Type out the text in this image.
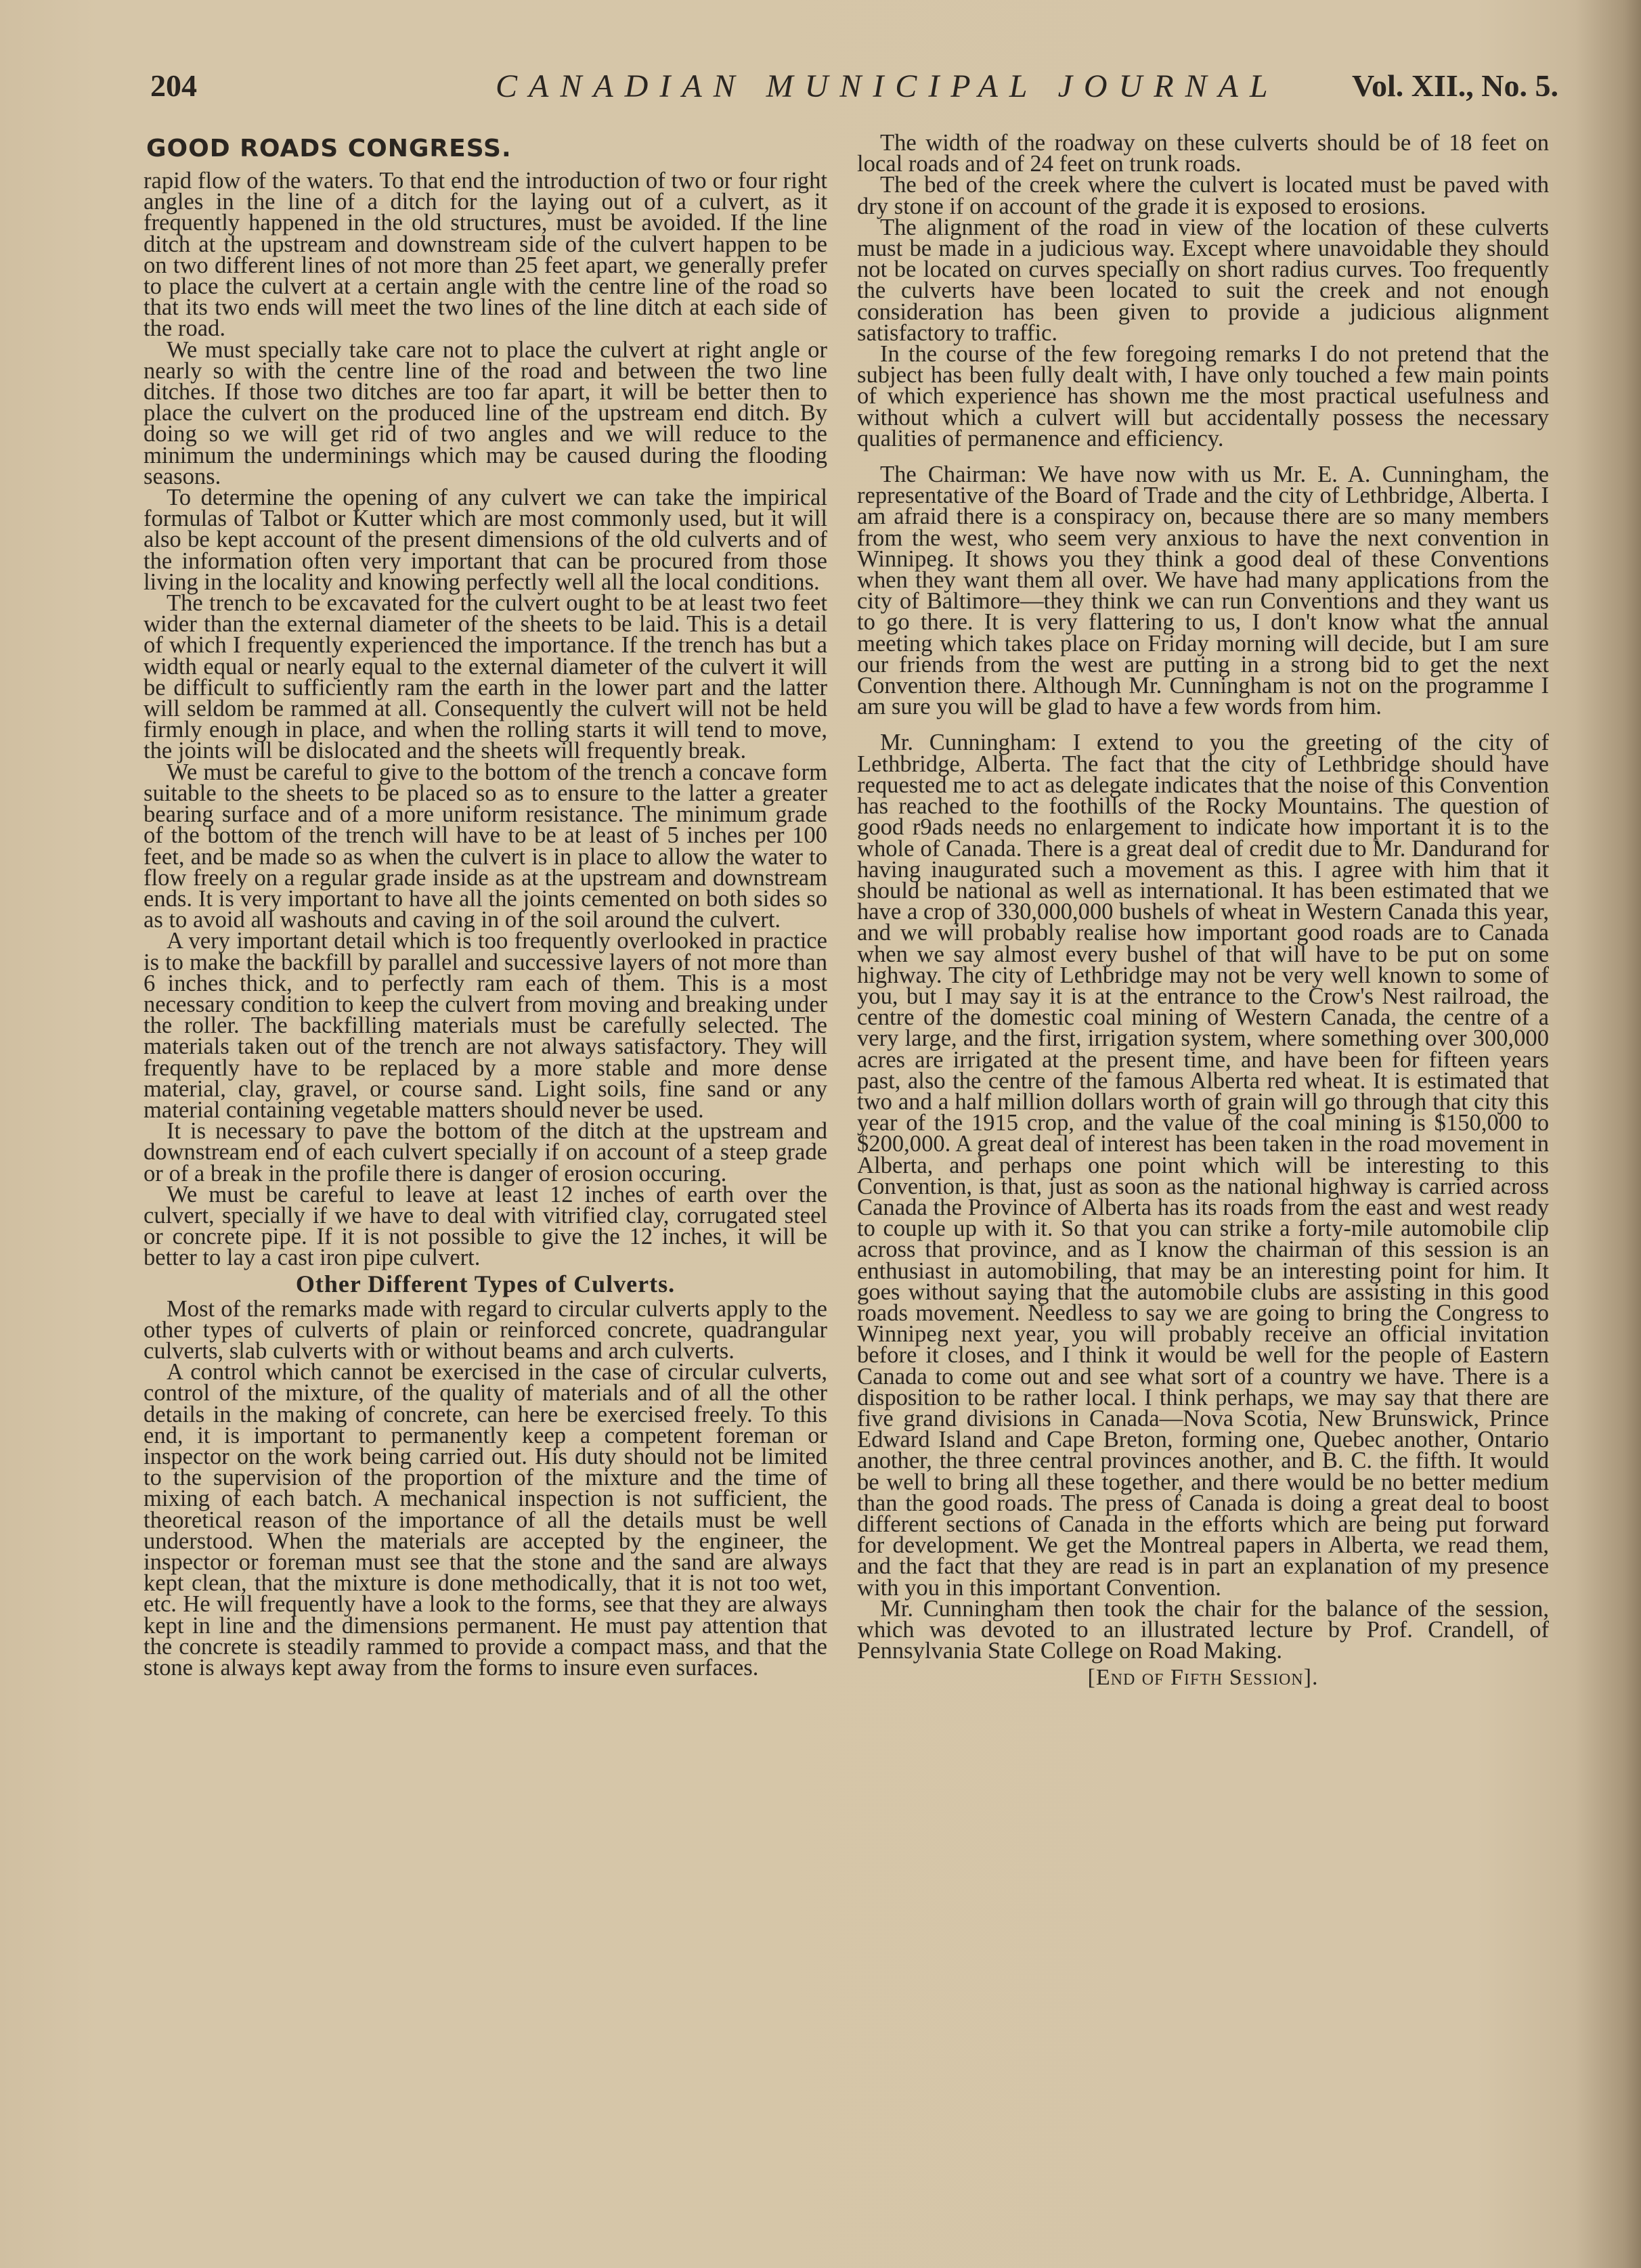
204	CANADIAN MUNICIPAL JOURNAL Vol. XII., No. 5.
GOOD ROADS CONGRESS.

rapid flow of the waters. To that end the introduction of two or four right angles in the line of a ditch for the laying out of a culvert, as it frequently happened in the old structures, must be avoided. If the line ditch at the upstream and downstream side of the culvert happen to be on two different lines of not more than 25 feet apart, we generally prefer to place the culvert at a certain angle with the centre line of the road so that its two ends will meet the two lines of the line ditch at each side of the road.

We must specially take care not to place the culvert at right angle or nearly so with the centre line of the road and between the two line ditches. If those two ditches are too far apart, it will be better then to place the culvert on the produced line of the upstream end ditch. By doing so we will get rid of two angles and we will reduce to the minimum the underminings which may be caused during the flooding seasons.

To determine the opening of any culvert we can take the impirical formulas of Talbot or Kutter which are most commonly used, but it will also be kept account of the present dimensions of the old culverts and of the information often very important that can be procured from those living in the locality and knowing perfectly well all the local conditions.

The trench to be excavated for the culvert ought to be at least two feet wider than the external diameter of the sheets to be laid. This is a detail of which I frequently experienced the importance. If the trench has but a width equal or nearly equal to the external diameter of the culvert it will be difficult to sufficiently ram the earth in the lower part and the latter will seldom be rammed at all. Consequently the culvert will not be held firmly enough in place, and when the rolling starts it will tend to move, the joints will be dislocated and the sheets will frequently break.

We must be careful to give to the bottom of the trench a concave form suitable to the sheets to be placed so as to ensure to the latter a greater bearing surface and of a more uniform resistance. The minimum grade of the bottom of the trench will have to be at least of 5 inches per 100 feet, and be made so as when the culvert is in place to allow the water to flow freely on a regular grade inside as at the upstream and downstream ends. It is very important to have all the joints cemented on both sides so as to avoid all washouts and caving in of the soil around the culvert.

A very important detail which is too frequently overlooked in practice is to make the backfill by parallel and successive layers of not more than 6 inches thick, and to perfectly ram each of them. This is a most necessary condition to keep the culvert from moving and breaking under the roller. The backfilling materials must be carefully selected. The materials taken out of the trench are not always satisfactory. They will frequently have to be replaced by a more stable and more dense material, clay, gravel, or course sand. Light soils, fine sand or any material containing vegetable matters should never be used.

It is necessary to pave the bottom of the ditch at the upstream and downstream end of each culvert specially if on account of a steep grade or of a break in the profile there is danger of erosion occuring.

We must be careful to leave at least 12 inches of earth over the culvert, specially if we have to deal with vitrified clay, corrugated steel or concrete pipe. If it is not possible to give the 12 inches, it will be better to lay a cast iron pipe culvert.

Other Different Types of Culverts.

Most of the remarks made with regard to circular culverts apply to the other types of culverts of plain or reinforced concrete, quadrangular culverts, slab culverts with or without beams and arch culverts.

A control which cannot be exercised in the case of circular culverts, control of the mixture, of the quality of materials and of all the other details in the making of concrete, can here be exercised freely. To this end, it is important to permanently keep a competent foreman or inspector on the work being carried out. His duty should not be limited to the supervision of the proportion of the mixture and the time of mixing of each batch. A mechanical inspection is not sufficient, the theoretical reason of the importance of all the details must be well understood. When the materials are accepted by the engineer, the inspector or foreman must see that the stone and the sand are always kept clean, that the mixture is done methodically, that it is not too wet, etc. He will frequently have a look to the forms, see that they are always kept in line and the dimensions permanent. He must pay attention that the concrete is steadily rammed to provide a compact mass, and that the stone is always kept away from the forms to insure even surfaces.

The width of the roadway on these culverts should be of 18 feet on local roads and of 24 feet on trunk roads.

The bed of the creek where the culvert is located must be paved with dry stone if on account of the grade it is exposed to erosions.

The alignment of the road in view of the location of these culverts must be made in a judicious way. Except where unavoidable they should not be located on curves specially on short radius curves. Too frequently the culverts have been located to suit the creek and not enough consideration has been given to provide a judicious alignment satisfactory to traffic.

In the course of the few foregoing remarks I do not pretend that the subject has been fully dealt with, I have only touched a few main points of which experience has shown me the most practical usefulness and without which a culvert will but accidentally possess the necessary qualities of permanence and efficiency.

The Chairman: We have now with us Mr. E. A. Cunningham, the representative of the Board of Trade and the city of Lethbridge, Alberta. I am afraid there is a conspiracy on, because there are so many members from the west, who seem very anxious to have the next convention in Winnipeg. It shows you they think a good deal of these Conventions when they want them all over. We have had many applications from the city of Baltimore—they think we can run Conventions and they want us to go there. It is very flattering to us, I don't know what the annual meeting which takes place on Friday morning will decide, but I am sure our friends from the west are putting in a strong bid to get the next Convention there. Although Mr. Cunningham is not on the programme I am sure you will be glad to have a few words from him.

Mr. Cunningham: I extend to you the greeting of the city of Lethbridge, Alberta. The fact that the city of Lethbridge should have requested me to act as delegate indicates that the noise of this Convention has reached to the foothills of the Rocky Mountains. The question of good r9ads needs no enlargement to indicate how important it is to the whole of Canada. There is a great deal of credit due to Mr. Dandurand for having inaugurated such a movement as this. I agree with him that it should be national as well as international. It has been estimated that we have a crop of 330,000,000 bushels of wheat in Western Canada this year, and we will probably realise how important good roads are to Canada when we say almost every bushel of that will have to be put on some highway. The city of Lethbridge may not be very well known to some of you, but I may say it is at the entrance to the Crow's Nest railroad, the centre of the domestic coal mining of Western Canada, the centre of a very large, and the first, irrigation system, where something over 300,000 acres are irrigated at the present time, and have been for fifteen years past, also the centre of the famous Alberta red wheat. It is estimated that two and a half million dollars worth of grain will go through that city this year of the 1915 crop, and the value of the coal mining is $150,000 to $200,000. A great deal of interest has been taken in the road movement in Alberta, and perhaps one point which will be interesting to this Convention, is that, just as soon as the national highway is carried across Canada the Province of Alberta has its roads from the east and west ready to couple up with it. So that you can strike a forty-mile automobile clip across that province, and as I know the chairman of this session is an enthusiast in automobiling, that may be an interesting point for him. It goes without saying that the automobile clubs are assisting in this good roads movement. Needless to say we are going to bring the Congress to Winnipeg next year, you will probably receive an official invitation before it closes, and I think it would be well for the people of Eastern Canada to come out and see what sort of a country we have. There is a disposition to be rather local. I think perhaps, we may say that there are five grand divisions in Canada—Nova Scotia, New Brunswick, Prince Edward Island and Cape Breton, forming one, Quebec another, Ontario another, the three central provinces another, and B. C. the fifth. It would be well to bring all these together, and there would be no better medium than the good roads. The press of Canada is doing a great deal to boost different sections of Canada in the efforts which are being put forward for development. We get the Montreal papers in Alberta, we read them, and the fact that they are read is in part an explanation of my presence with you in this important Convention.

Mr. Cunningham then took the chair for the balance of the session, which was devoted to an illustrated lecture by Prof. Crandell, of Pennsylvania State College on Road Making.

[End of Fifth Session].
